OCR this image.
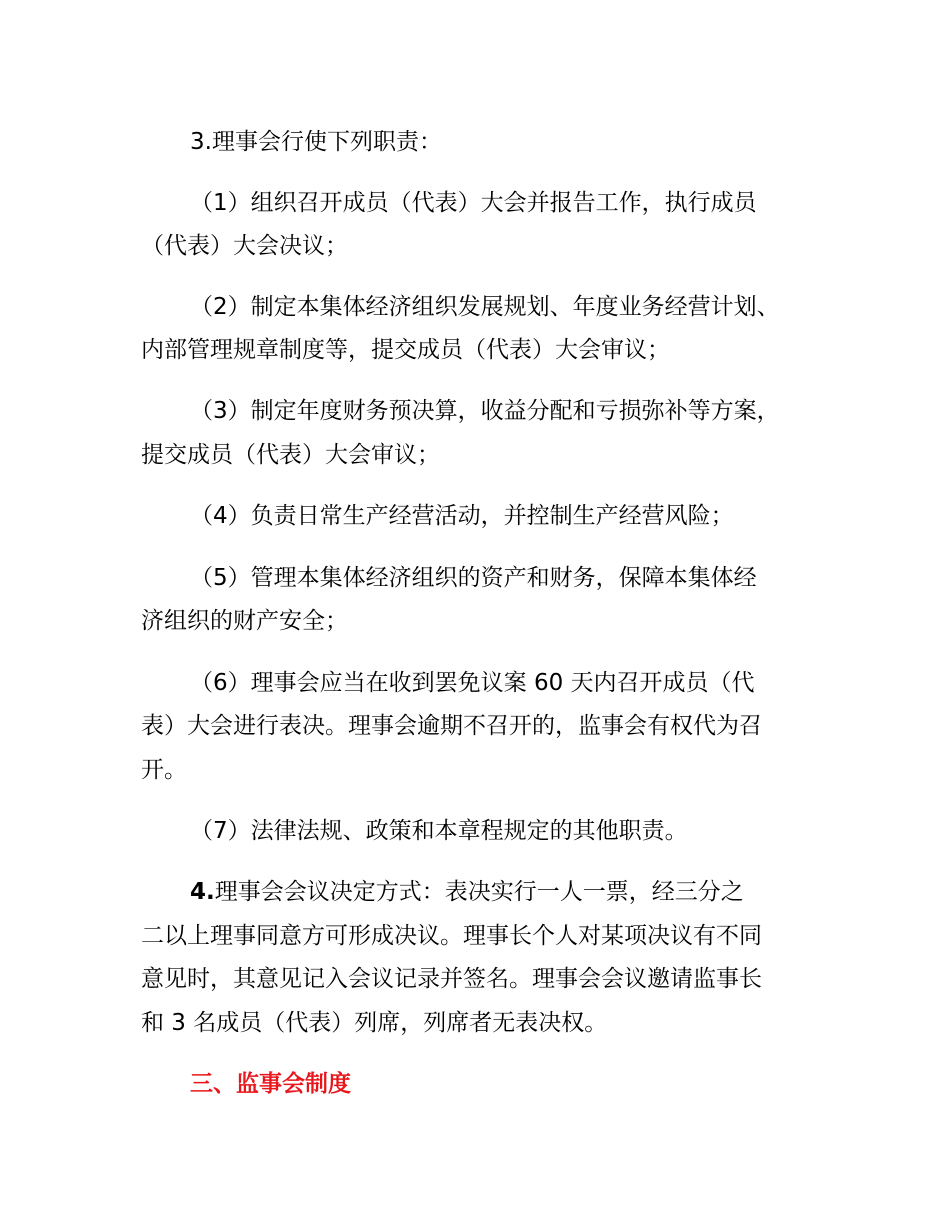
3.理事会行使下列职责：

（1）组织召开成员（代表）大会并报告工作，执行成员

（代表）大会决议；

（2）制定本集体经济组织发展规划、年度业务经营计划、

内部管理规章制度等，提交成员（代表）大会审议；

（3）制定年度财务预决算，收益分配和亏损弥补等方案，

提交成员（代表）大会审议；

（4）负责日常生产经营活动，并控制生产经营风险；

（5）管理本集体经济组织的资产和财务，保障本集体经

济组织的财产安全；

（6）理事会应当在收到罢免议案 60 天内召开成员（代

表）大会进行表决。理事会逾期不召开的，监事会有权代为召

开。

（7）法律法规、政策和本章程规定的其他职责。

4.理事会会议决定方式：表决实行一人一票，经三分之

二以上理事同意方可形成决议。理事长个人对某项决议有不同

意见时，其意见记入会议记录并签名。理事会会议邀请监事长

和 3 名成员（代表）列席，列席者无表决权。

三、监事会制度
